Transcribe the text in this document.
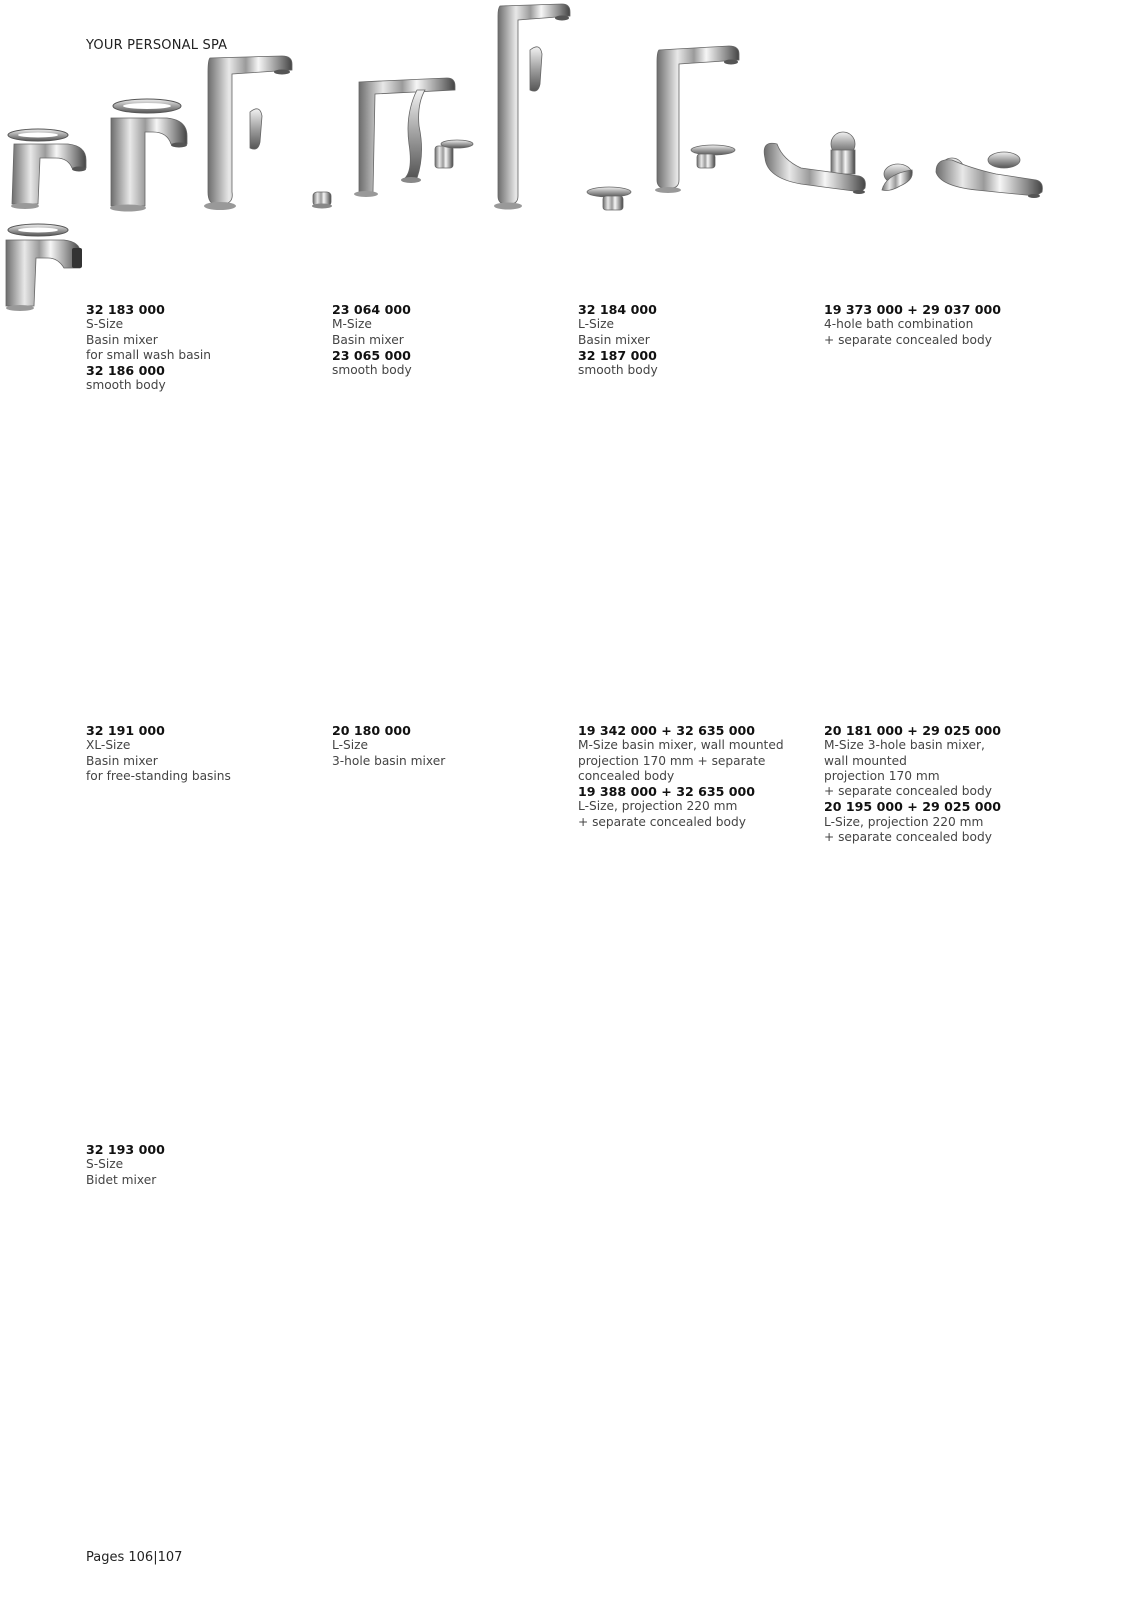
YOUR PERSONAL SPA

32 183 000
S-Size
Basin mixer
for small wash basin
32 186 000
smooth body
23 064 000
M-Size
Basin mixer
23 065 000
smooth body
32 184 000
L-Size
Basin mixer
32 187 000
smooth body
19 373 000 + 29 037 000
4-hole bath combination
+ separate concealed body
32 191 000
XL-Size
Basin mixer
for free-standing basins
20 180 000
L-Size
3-hole basin mixer
19 342 000 + 32 635 000
M-Size basin mixer, wall mounted
projection 170 mm + separate
concealed body
19 388 000 + 32 635 000
L-Size, projection 220 mm
+ separate concealed body
20 181 000 + 29 025 000
M-Size 3-hole basin mixer,
wall mounted
projection 170 mm
+ separate concealed body
20 195 000 + 29 025 000
L-Size, projection 220 mm
+ separate concealed body
32 193 000
S-Size
Bidet mixer
Pages 106|107
